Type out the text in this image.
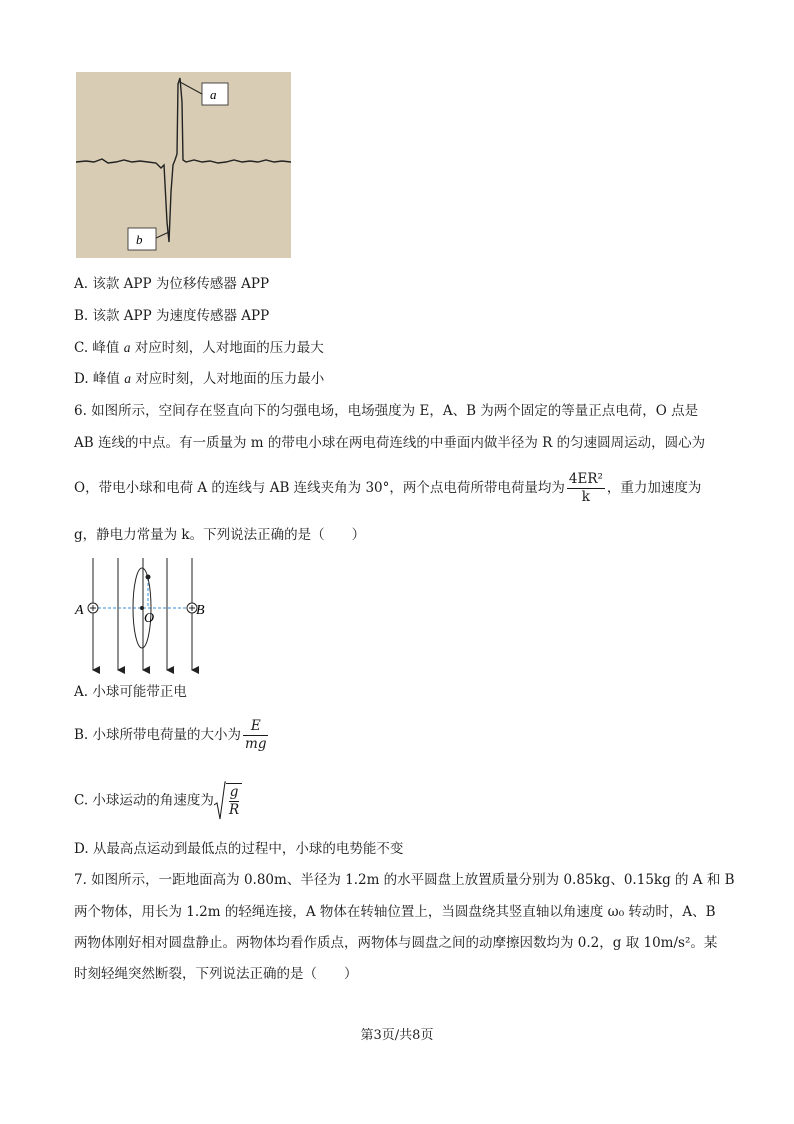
a
b
A. 该款 APP 为位移传感器 APP
B. 该款 APP 为速度传感器 APP
C. 峰值 a 对应时刻，人对地面的压力最大
D. 峰值 a 对应时刻，人对地面的压力最小
6. 如图所示，空间存在竖直向下的匀强电场，电场强度为 E，A、B 为两个固定的等量正点电荷，O 点是
AB 连线的中点。有一质量为 m 的带电小球在两电荷连线的中垂面内做半径为 R 的匀速圆周运动，圆心为
O，带电小球和电荷 A 的连线与 AB 连线夹角为 30°，两个点电荷所带电荷量均为 $\frac{\text{4ER²}}{k}$ ，重力加速度为
g，静电力常量为 k。下列说法正确的是（　　）
A	B
O
A. 小球可能带正电
B. 小球所带电荷量的大小为 $\frac{E}{mg}$
C. 小球运动的角速度为 $\frac{g}{R}$
D. 从最高点运动到最低点的过程中，小球的电势能不变
7. 如图所示，一距地面高为 0.80m、半径为 1.2m 的水平圆盘上放置质量分别为 0.85kg、0.15kg 的 A 和 B
两个物体，用长为 1.2m 的轻绳连接，A 物体在转轴位置上，当圆盘绕其竖直轴以角速度 ω₀ 转动时，A、B
两物体刚好相对圆盘静止。两物体均看作质点，两物体与圆盘之间的动摩擦因数均为 0.2，g 取 10m/s²。某
时刻轻绳突然断裂，下列说法正确的是（　　）
第3页/共8页
